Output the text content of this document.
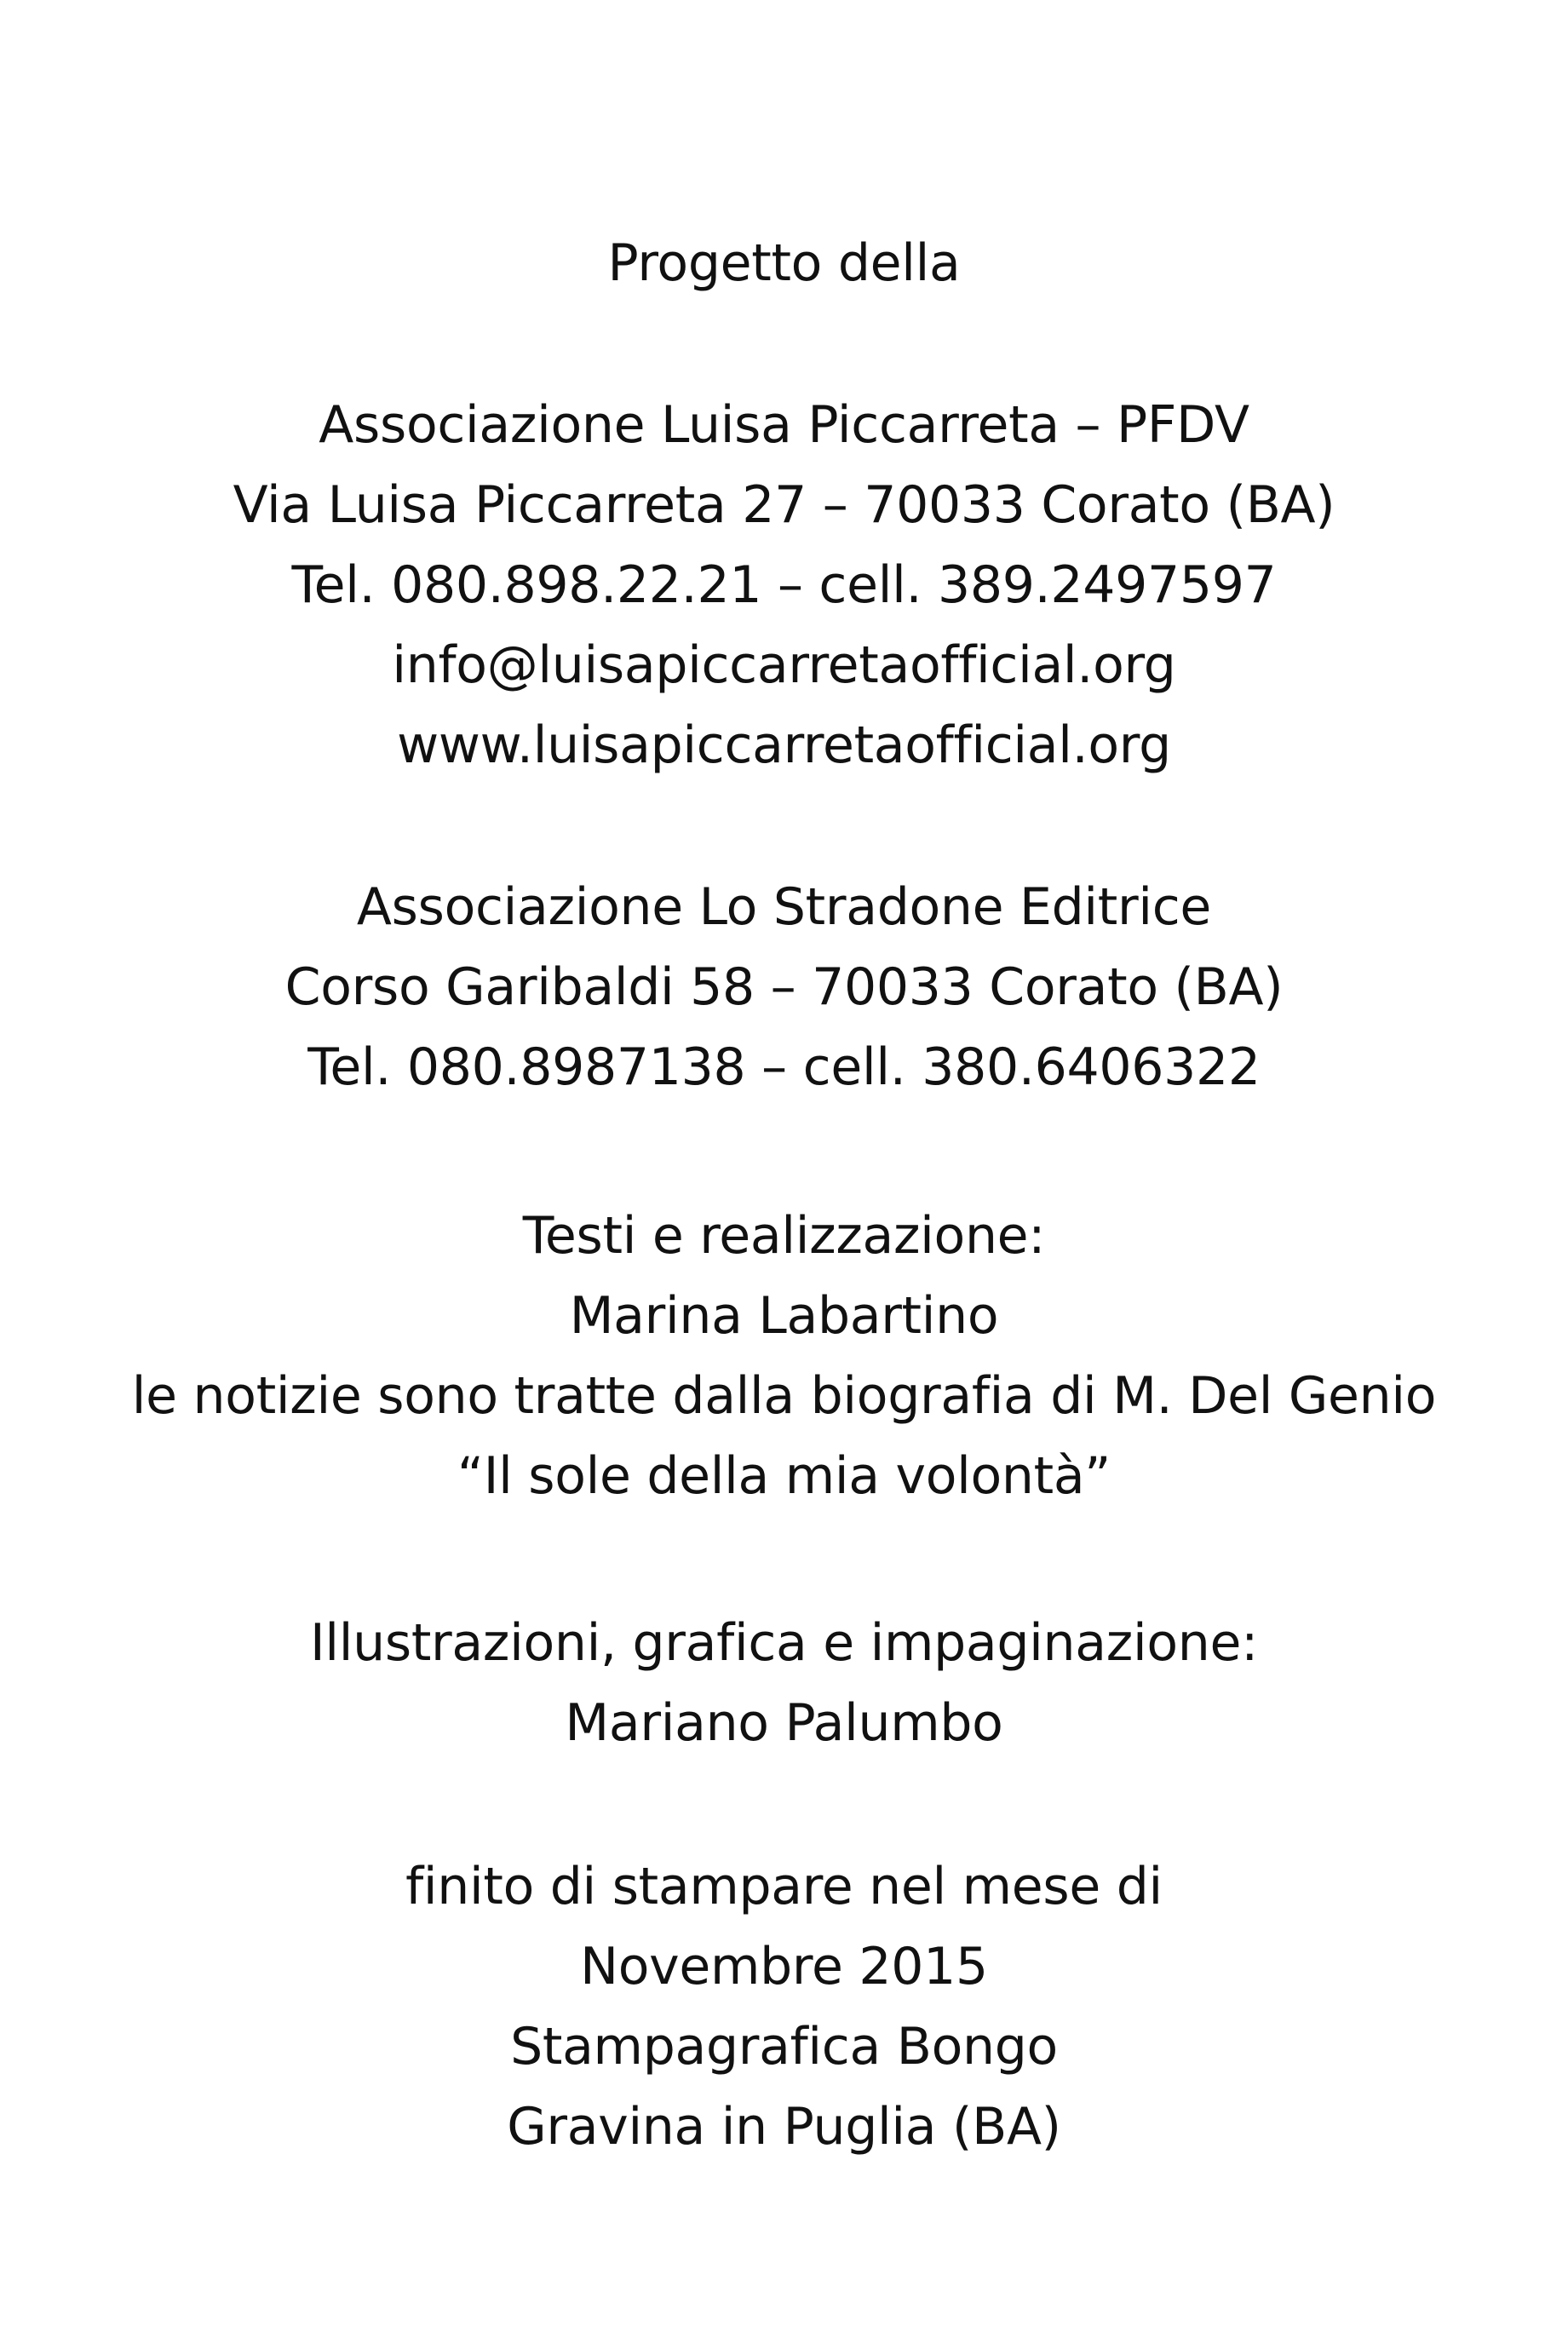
Progetto della
Associazione Luisa Piccarreta – PFDV
Via Luisa Piccarreta 27 – 70033 Corato (BA)
Tel. 080.898.22.21 – cell. 389.2497597
info@luisapiccarretaofficial.org
www.luisapiccarretaofficial.org
Associazione Lo Stradone Editrice
Corso Garibaldi 58 – 70033 Corato (BA)
Tel. 080.8987138 – cell. 380.6406322
Testi e realizzazione:
Marina Labartino
le notizie sono tratte dalla biografia di M. Del Genio
“Il sole della mia volontà”
Illustrazioni, grafica e impaginazione:
Mariano Palumbo
finito di stampare nel mese di
Novembre 2015
Stampagrafica Bongo
Gravina in Puglia (BA)
